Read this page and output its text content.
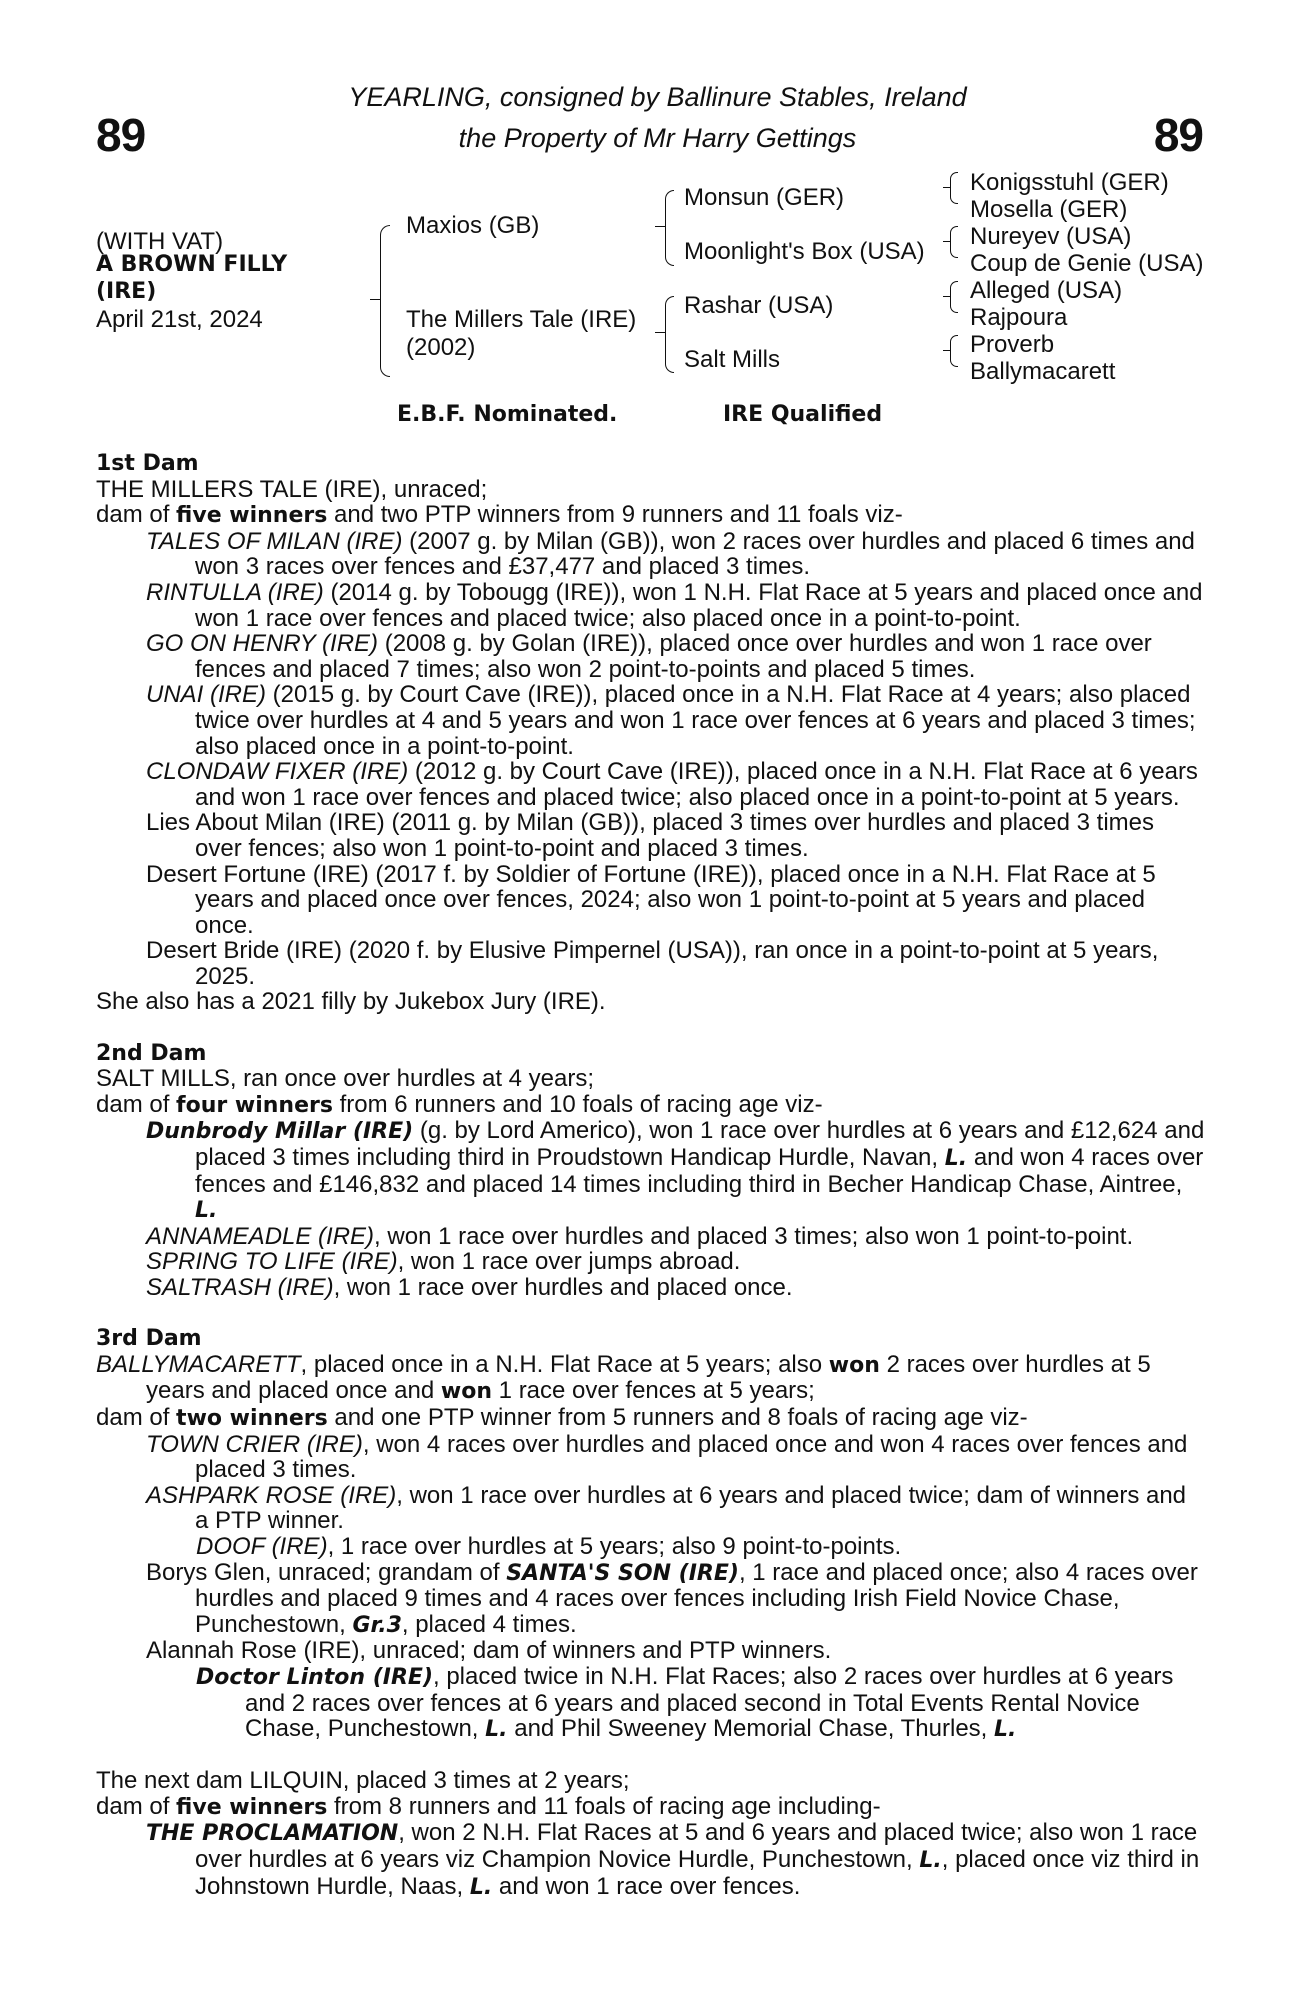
89	89
YEARLING, consigned by Ballinure Stables, Ireland
the Property of Mr Harry Gettings
(WITH VAT)
A BROWN FILLY
(IRE)
April 21st, 2024
Maxios (GB)
The Millers Tale (IRE)
(2002)
Monsun (GER)
Moonlight's Box (USA)
Rashar (USA)
Salt Mills
Konigsstuhl (GER)
Mosella (GER)
Nureyev (USA)
Coup de Genie (USA)
Alleged (USA)
Rajpoura
Proverb
Ballymacarett
E.B.F. Nominated.	IRE Qualified

1st Dam

THE MILLERS TALE (IRE), unraced;

dam of five winners and two PTP winners from 9 runners and 11 foals viz-

TALES OF MILAN (IRE) (2007 g. by Milan (GB)), won 2 races over hurdles and placed 6 times and won 3 races over fences and £37,477 and placed 3 times.

RINTULLA (IRE) (2014 g. by Tobougg (IRE)), won 1 N.H. Flat Race at 5 years and placed once and won 1 race over fences and placed twice; also placed once in a point-to-point.

GO ON HENRY (IRE) (2008 g. by Golan (IRE)), placed once over hurdles and won 1 race over fences and placed 7 times; also won 2 point-to-points and placed 5 times.

UNAI (IRE) (2015 g. by Court Cave (IRE)), placed once in a N.H. Flat Race at 4 years; also placed twice over hurdles at 4 and 5 years and won 1 race over fences at 6 years and placed 3 times; also placed once in a point-to-point.

CLONDAW FIXER (IRE) (2012 g. by Court Cave (IRE)), placed once in a N.H. Flat Race at 6 years and won 1 race over fences and placed twice; also placed once in a point-to-point at 5 years.

Lies About Milan (IRE) (2011 g. by Milan (GB)), placed 3 times over hurdles and placed 3 times over fences; also won 1 point-to-point and placed 3 times.

Desert Fortune (IRE) (2017 f. by Soldier of Fortune (IRE)), placed once in a N.H. Flat Race at 5 years and placed once over fences, 2024; also won 1 point-to-point at 5 years and placed once.

Desert Bride (IRE) (2020 f. by Elusive Pimpernel (USA)), ran once in a point-to-point at 5 years, 2025.

She also has a 2021 filly by Jukebox Jury (IRE).

2nd Dam

SALT MILLS, ran once over hurdles at 4 years;

dam of four winners from 6 runners and 10 foals of racing age viz-

Dunbrody Millar (IRE) (g. by Lord Americo), won 1 race over hurdles at 6 years and £12,624 and placed 3 times including third in Proudstown Handicap Hurdle, Navan, L. and won 4 races over fences and £146,832 and placed 14 times including third in Becher Handicap Chase, Aintree, L.

ANNAMEADLE (IRE), won 1 race over hurdles and placed 3 times; also won 1 point-to-point.

SPRING TO LIFE (IRE), won 1 race over jumps abroad.

SALTRASH (IRE), won 1 race over hurdles and placed once.

3rd Dam

BALLYMACARETT, placed once in a N.H. Flat Race at 5 years; also won 2 races over hurdles at 5 years and placed once and won 1 race over fences at 5 years;

dam of two winners and one PTP winner from 5 runners and 8 foals of racing age viz-

TOWN CRIER (IRE), won 4 races over hurdles and placed once and won 4 races over fences and placed 3 times.

ASHPARK ROSE (IRE), won 1 race over hurdles at 6 years and placed twice; dam of winners and a PTP winner.

DOOF (IRE), 1 race over hurdles at 5 years; also 9 point-to-points.

Borys Glen, unraced; grandam of SANTA'S SON (IRE), 1 race and placed once; also 4 races over hurdles and placed 9 times and 4 races over fences including Irish Field Novice Chase, Punchestown, Gr.3, placed 4 times.

Alannah Rose (IRE), unraced; dam of winners and PTP winners.

Doctor Linton (IRE), placed twice in N.H. Flat Races; also 2 races over hurdles at 6 years and 2 races over fences at 6 years and placed second in Total Events Rental Novice Chase, Punchestown, L. and Phil Sweeney Memorial Chase, Thurles, L.

The next dam LILQUIN, placed 3 times at 2 years;

dam of five winners from 8 runners and 11 foals of racing age including-

THE PROCLAMATION, won 2 N.H. Flat Races at 5 and 6 years and placed twice; also won 1 race over hurdles at 6 years viz Champion Novice Hurdle, Punchestown, L., placed once viz third in Johnstown Hurdle, Naas, L. and won 1 race over fences.
